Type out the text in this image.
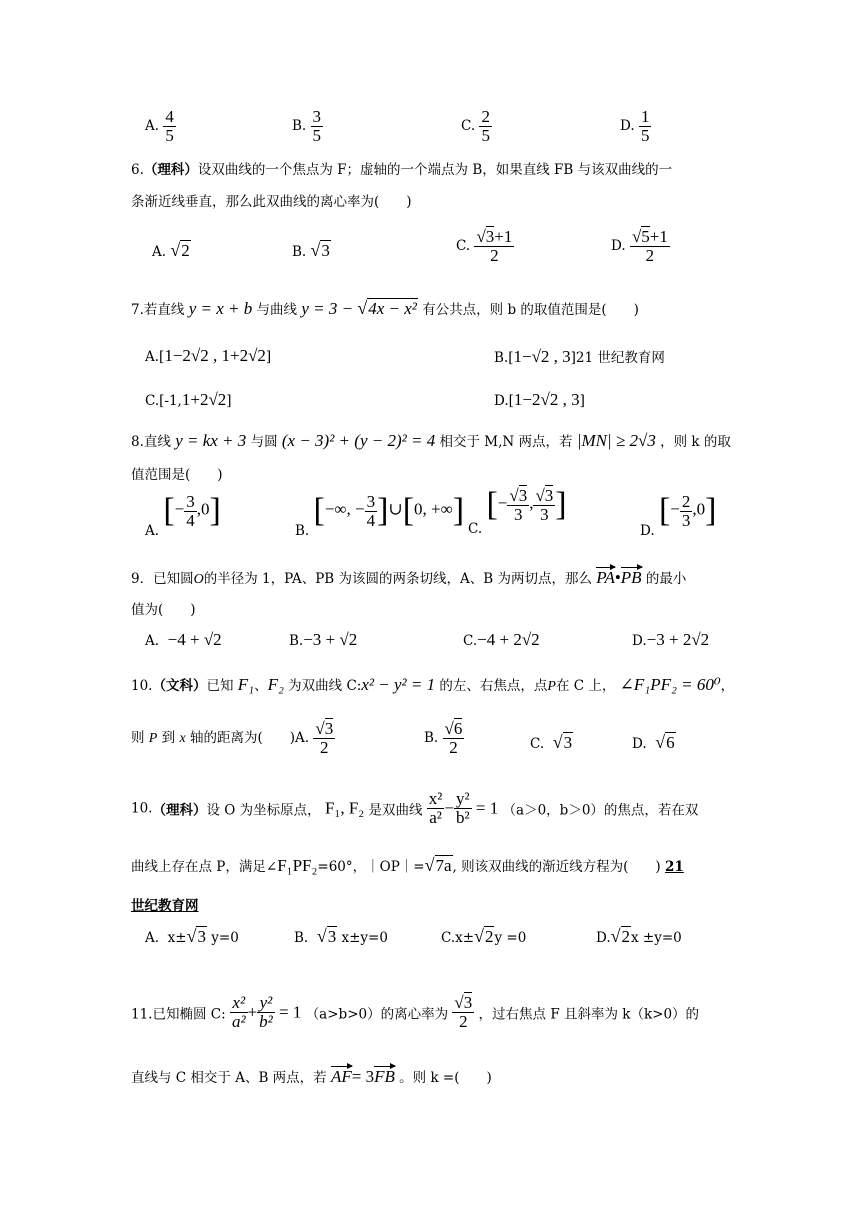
A. $\frac{4}{5}$	B. $\frac{3}{5}$	C. $\frac{2}{5}$	D. $\frac{1}{5}$
6.（理科）设双曲线的一个焦点为 F；虚轴的一个端点为 B，如果直线 FB 与该双曲线的一
条渐近线垂直，那么此双曲线的离心率为(　　)
A. √2	B. √3	C. $\frac{√3+1}{2}$	D. $\frac{√5+1}{2}$
7.若直线 y = x + b 与曲线 y = 3 − √4x − x² 有公共点，则 b 的取值范围是(　　)
A.[1−2√2 , 1+2√2]	B.[1−√2 , 3]21 世纪教育网
C.[-1,1+2√2]	D.[1−2√2 , 3]
8.直线 y = kx + 3 与圆 (x − 3)² + (y − 2)² = 4 相交于 M,N 两点，若 |MN| ≥ 2√3 ，则 k 的取
值范围是(　　)
A. [− $\frac{3}{4} ,0$]
B. [−∞, − $\frac{3}{4}$ ]∪[0, +∞] C. [− $\frac{√3}{3}$ , $\frac{√3}{3}$ ]
D. [− $\frac{2}{3} ,0$]
9．已知圆O的半径为 1，PA、PB 为该圆的两条切线，A、B 为两切点，那么 PA•PB 的最小
值为(　　)
A. −4 + √2	B.−3 + √2	C.−4 + 2√2	D.−3 + 2√2
10.（文科）已知 F₁、F₂ 为双曲线 C:x² − y² = 1 的左、右焦点，点P在 C 上， ∠F₁PF₂ = 60⁰，
则 P 到 x 轴的距离为(　　)A. $\frac{√3}{2}$	B. $\frac{√6}{2}$	C. √3	D. √6
10.（理科）设 O 为坐标原点， F₁, F₂ 是双曲线 $\frac{\text{x²}}{\text{a²}} - \frac{\text{y²}}{\text{b²}} = 1$ （a＞0，b＞0）的焦点，若在双
曲线上存在点 P，满足∠F₁PF₂=60°，｜OP｜=√7a, 则该双曲线的渐近线方程为(　　) 21
世纪教育网
A. x±√3 y=0	B. √3 x±y=0	C.x±√2y =0	D.√2x ±y=0
11.已知椭圆 C: $\frac{\text{x²}}{\text{a²}} + \frac{\text{y²}}{\text{b²}} = 1$ （a>b>0）的离心率为 $\frac{√3}{2}$ ，过右焦点 F 且斜率为 k（k>0）的
直线与 C 相交于 A、B 两点，若 AF= 3FB 。则 k =(　　)
